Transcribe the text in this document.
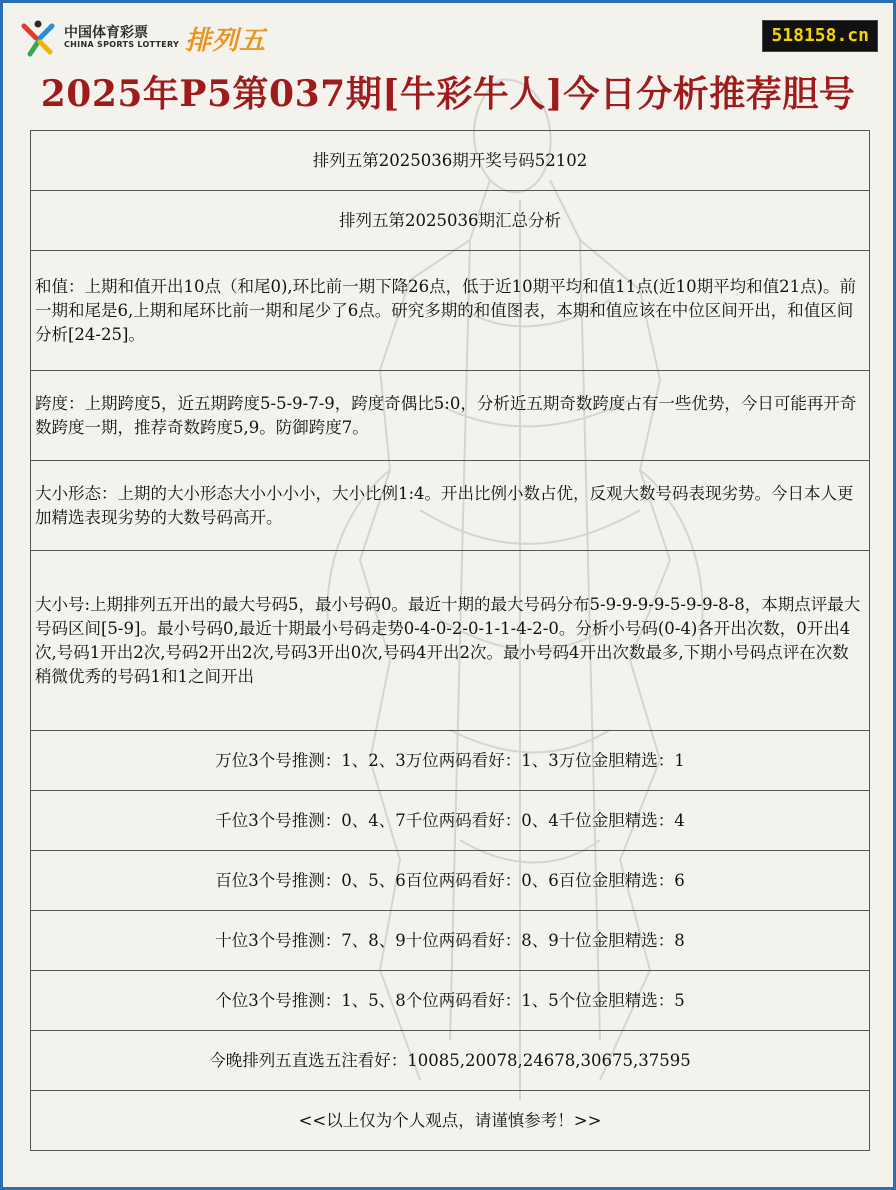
中国体育彩票
CHINA SPORTS LOTTERY 排列五	518158.cn
2025年P5第037期[牛彩牛人]今日分析推荐胆号
排列五第2025036期开奖号码52102
排列五第2025036期汇总分析
和值：上期和值开出10点（和尾0),环比前一期下降26点，低于近10期平均和值11点(近10期平均和值21点)。前一期和尾是6,上期和尾环比前一期和尾少了6点。研究多期的和值图表，本期和值应该在中位区间开出，和值区间分析[24-25]。
跨度：上期跨度5，近五期跨度5-5-9-7-9，跨度奇偶比5:0，分析近五期奇数跨度占有一些优势，今日可能再开奇数跨度一期，推荐奇数跨度5,9。防御跨度7。
大小形态：上期的大小形态大小小小小，大小比例1:4。开出比例小数占优，反观大数号码表现劣势。今日本人更加精选表现劣势的大数号码高开。
大小号:上期排列五开出的最大号码5，最小号码0。最近十期的最大号码分布5-9-9-9-9-5-9-9-8-8，本期点评最大号码区间[5-9]。最小号码0,最近十期最小号码走势0-4-0-2-0-1-1-4-2-0。分析小号码(0-4)各开出次数，0开出4次,号码1开出2次,号码2开出2次,号码3开出0次,号码4开出2次。最小号码4开出次数最多,下期小号码点评在次数稍微优秀的号码1和1之间开出
万位3个号推测：1、2、3万位两码看好：1、3万位金胆精选：1
千位3个号推测：0、4、7千位两码看好：0、4千位金胆精选：4
百位3个号推测：0、5、6百位两码看好：0、6百位金胆精选：6
十位3个号推测：7、8、9十位两码看好：8、9十位金胆精选：8
个位3个号推测：1、5、8个位两码看好：1、5个位金胆精选：5
今晚排列五直选五注看好：10085,20078,24678,30675,37595
<<以上仅为个人观点，请谨慎参考！>>
